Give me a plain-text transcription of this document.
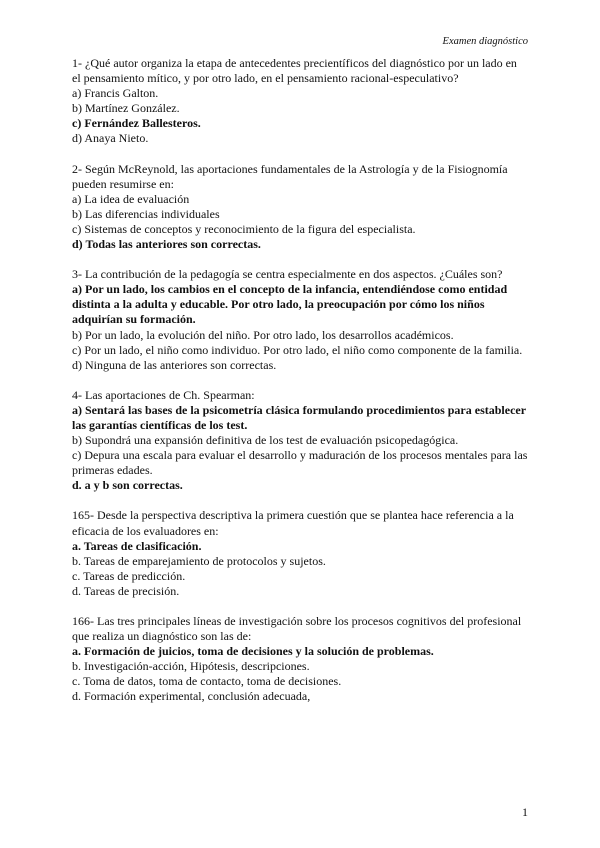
Examen diagnóstico

1- ¿Qué autor organiza la etapa de antecedentes precientíficos del diagnóstico por un lado en el pensamiento mítico, y por otro lado, en el pensamiento racional-especulativo?

a) Francis Galton.

b) Martínez González.

c) Fernández Ballesteros.

d) Anaya Nieto.

2- Según McReynold, las aportaciones fundamentales de la Astrología y de la Fisiognomía pueden resumirse en:

a) La idea de evaluación

b) Las diferencias individuales

c) Sistemas de conceptos y reconocimiento de la figura del especialista.

d) Todas las anteriores son correctas.

3- La contribución de la pedagogía se centra especialmente en dos aspectos. ¿Cuáles son?

a) Por un lado, los cambios en el concepto de la infancia, entendiéndose como entidad distinta a la adulta y educable. Por otro lado, la preocupación por cómo los niños adquirían su formación.

b) Por un lado, la evolución del niño. Por otro lado, los desarrollos académicos.

c) Por un lado, el niño como individuo. Por otro lado, el niño como componente de la familia.

d) Ninguna de las anteriores son correctas.

4- Las aportaciones de Ch. Spearman:

a) Sentará las bases de la psicometría clásica formulando procedimientos para establecer las garantías científicas de los test.

b) Supondrá una expansión definitiva de los test de evaluación psicopedagógica.

c) Depura una escala para evaluar el desarrollo y maduración de los procesos mentales para las primeras edades.

d. a y b son correctas.

165- Desde la perspectiva descriptiva la primera cuestión que se plantea hace referencia a la eficacia de los evaluadores en:

a. Tareas de clasificación.

b. Tareas de emparejamiento de protocolos y sujetos.

c. Tareas de predicción.

d. Tareas de precisión.

166- Las tres principales líneas de investigación sobre los procesos cognitivos del profesional que realiza un diagnóstico son las de:

a. Formación de juicios, toma de decisiones y la solución de problemas.

b. Investigación-acción, Hipótesis, descripciones.

c. Toma de datos, toma de contacto, toma de decisiones.

d. Formación experimental, conclusión adecuada,

1
